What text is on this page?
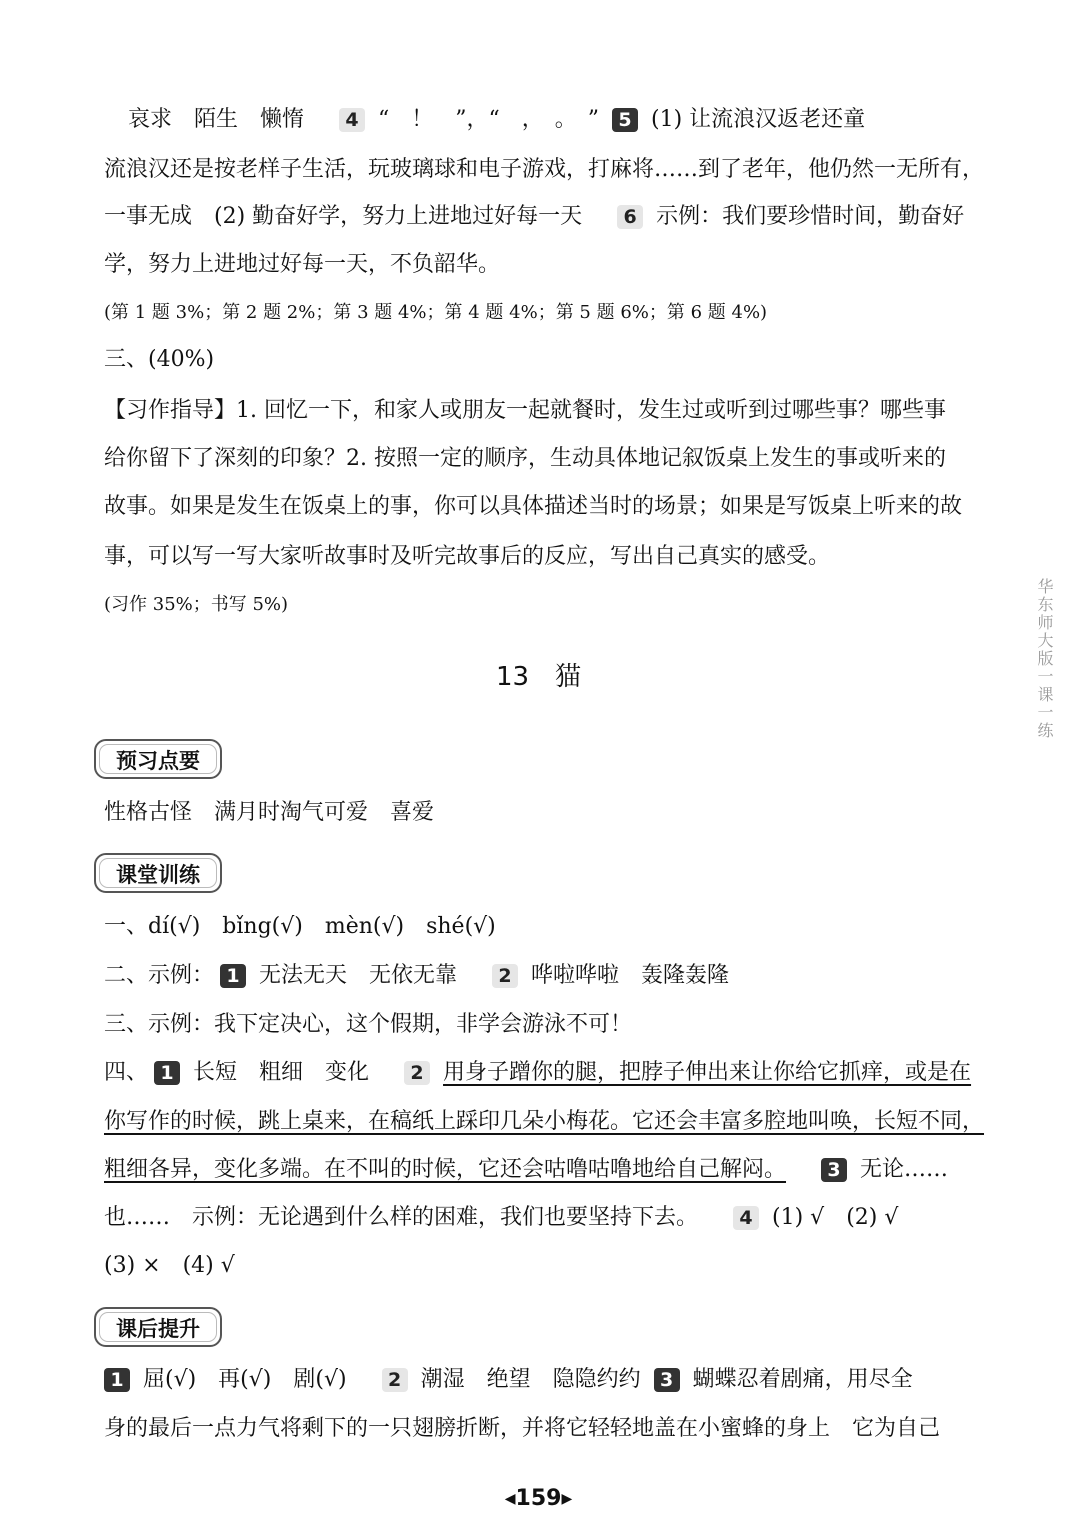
哀求　陌生　懒惰 4 “　！　”，“　，　。　” 5 (1) 让流浪汉返老还童
流浪汉还是按老样子生活，玩玻璃球和电子游戏，打麻将……到了老年，他仍然一无所有，
一事无成　(2) 勤奋好学，努力上进地过好每一天 6 示例：我们要珍惜时间，勤奋好
学，努力上进地过好每一天，不负韶华。
(第 1 题 3%；第 2 题 2%；第 3 题 4%；第 4 题 4%；第 5 题 6%；第 6 题 4%)
三、(40%)
【习作指导】1. 回忆一下，和家人或朋友一起就餐时，发生过或听到过哪些事？哪些事
给你留下了深刻的印象？2. 按照一定的顺序，生动具体地记叙饭桌上发生的事或听来的
故事。如果是发生在饭桌上的事，你可以具体描述当时的场景；如果是写饭桌上听来的故
事，可以写一写大家听故事时及听完故事后的反应，写出自己真实的感受。
(习作 35%；书写 5%)
13　猫
预习点要
性格古怪　满月时淘气可爱　喜爱
课堂训练
一、dí(√)　bǐng(√)　mèn(√)　shé(√)
二、示例： 1 无法无天　无依无靠 2 哗啦哗啦　轰隆轰隆
三、示例：我下定决心，这个假期，非学会游泳不可！
四、 1 长短　粗细　变化 2 用身子蹭你的腿，把脖子伸出来让你给它抓痒，或是在
你写作的时候，跳上桌来，在稿纸上踩印几朵小梅花。它还会丰富多腔地叫唤，长短不同，
粗细各异，变化多端。在不叫的时候，它还会咕噜咕噜地给自己解闷。 3 无论……
也……　示例：无论遇到什么样的困难，我们也要坚持下去。 4 (1) √　(2) √
(3) ×　(4) √
课后提升
1 屈(√)　再(√)　剧(√) 2 潮湿　绝望　隐隐约约 3 蝴蝶忍着剧痛，用尽全
身的最后一点力气将剩下的一只翅膀折断，并将它轻轻地盖在小蜜蜂的身上　它为自己
华东师大版一课一练
◀159▶
